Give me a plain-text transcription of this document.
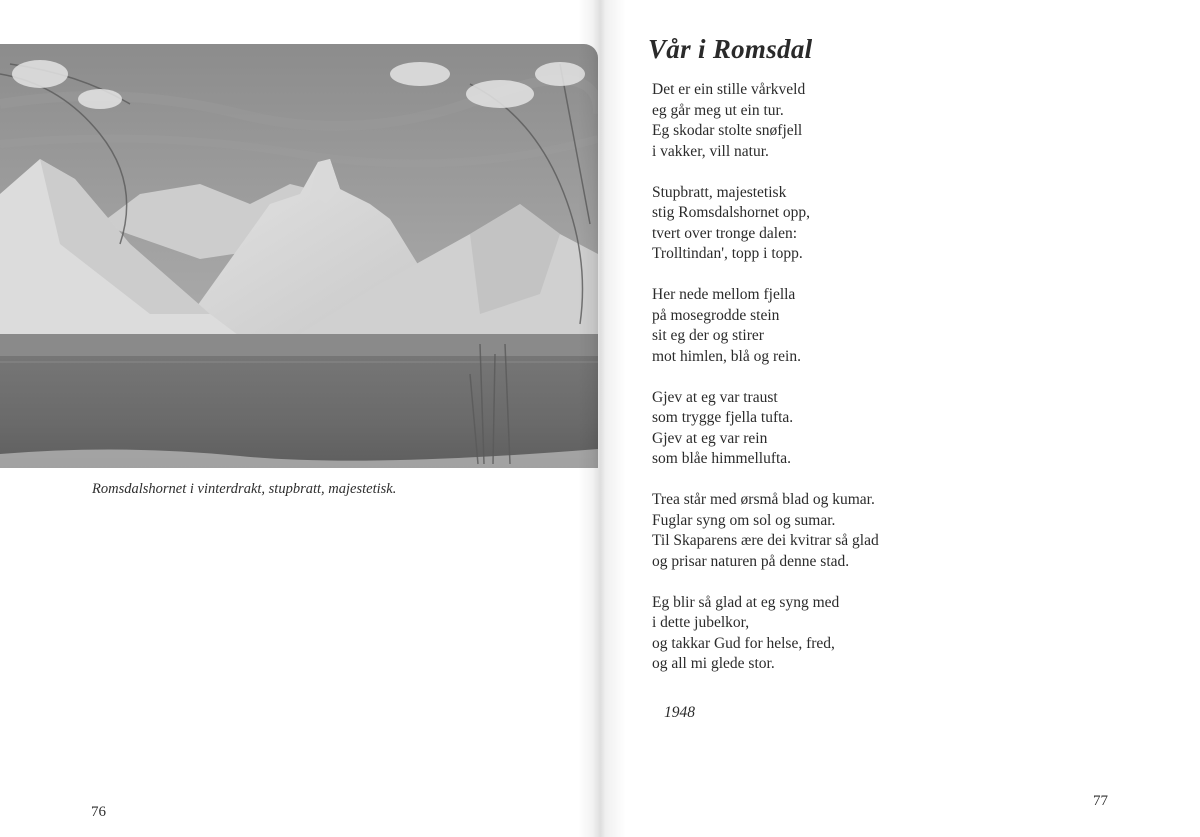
Romsdalshornet i vinterdrakt, stupbratt, majestetisk.
76
Vår i Romsdal
Det er ein stille vårkveld
eg går meg ut ein tur.
Eg skodar stolte snøfjell
i vakker, vill natur.
Stupbratt, majestetisk
stig Romsdalshornet opp,
tvert over tronge dalen:
Trolltindan', topp i topp.
Her nede mellom fjella
på mosegrodde stein
sit eg der og stirer
mot himlen, blå og rein.
Gjev at eg var traust
som trygge fjella tufta.
Gjev at eg var rein
som blåe himmellufta.
Trea står med ørsmå blad og kumar.
Fuglar syng om sol og sumar.
Til Skaparens ære dei kvitrar så glad
og prisar naturen på denne stad.
Eg blir så glad at eg syng med
i dette jubelkor,
og takkar Gud for helse, fred,
og all mi glede stor.
1948
77
